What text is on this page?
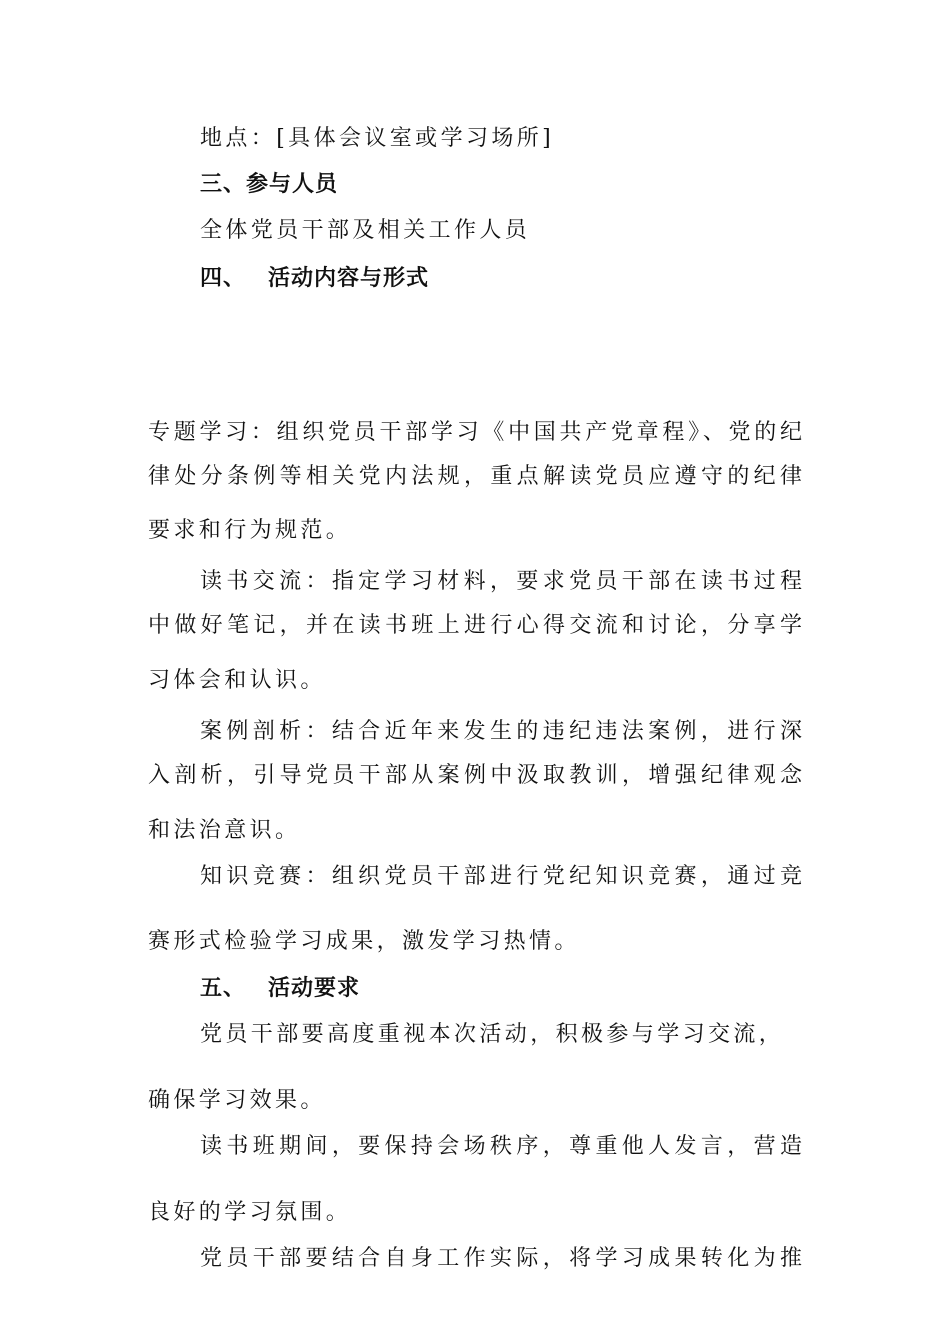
地点：[具体会议室或学习场所]
三、参与人员
全体党员干部及相关工作人员
四、 活动内容与形式
专题学习：组织党员干部学习《中国共产党章程》、党的纪
律处分条例等相关党内法规，重点解读党员应遵守的纪律
要求和行为规范。
读书交流：指定学习材料，要求党员干部在读书过程
中做好笔记，并在读书班上进行心得交流和讨论，分享学
习体会和认识。
案例剖析：结合近年来发生的违纪违法案例，进行深
入剖析，引导党员干部从案例中汲取教训，增强纪律观念
和法治意识。
知识竞赛：组织党员干部进行党纪知识竞赛，通过竞
赛形式检验学习成果，激发学习热情。
五、 活动要求
党员干部要高度重视本次活动，积极参与学习交流，
确保学习效果。
读书班期间，要保持会场秩序，尊重他人发言，营造
良好的学习氛围。
党员干部要结合自身工作实际，将学习成果转化为推
